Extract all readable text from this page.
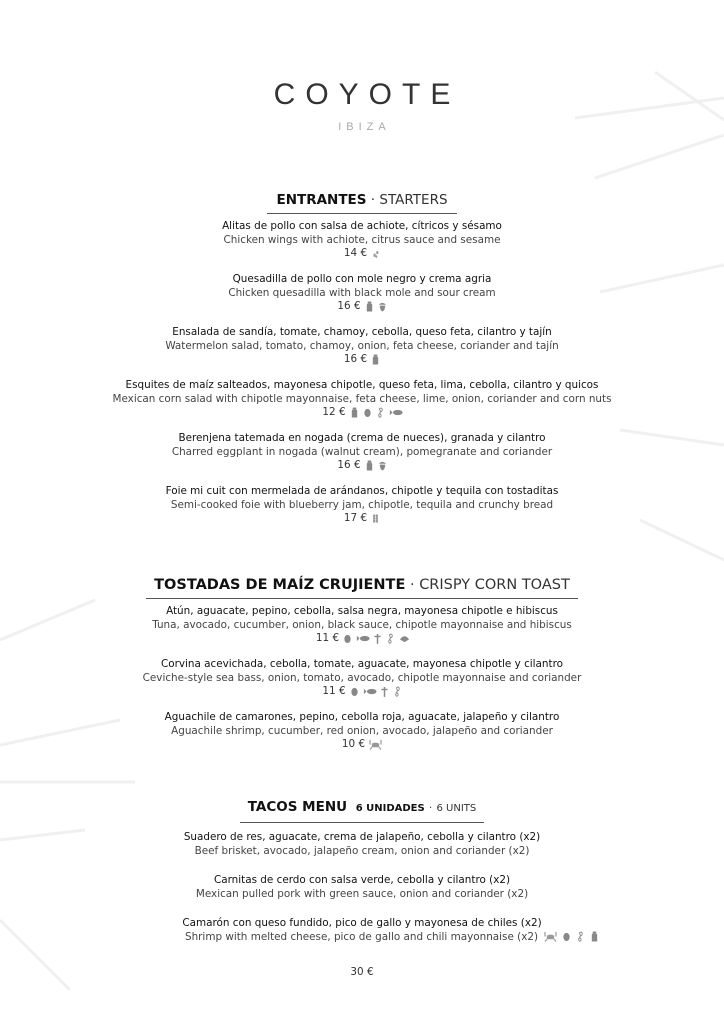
COYOTE
IBIZA
ENTRANTES · STARTERS
Alitas de pollo con salsa de achiote, cítricos y sésamo
Chicken wings with achiote, citrus sauce and sesame
14 €
Quesadilla de pollo con mole negro y crema agria
Chicken quesadilla with black mole and sour cream
16 €
Ensalada de sandía, tomate, chamoy, cebolla, queso feta, cilantro y tajín
Watermelon salad, tomato, chamoy, onion, feta cheese, coriander and tajín
16 €
Esquites de maíz salteados, mayonesa chipotle, queso feta, lima, cebolla, cilantro y quicos
Mexican corn salad with chipotle mayonnaise, feta cheese, lime, onion, coriander and corn nuts
12 €
Berenjena tatemada en nogada (crema de nueces), granada y cilantro
Charred eggplant in nogada (walnut cream), pomegranate and coriander
16 €
Foie mi cuit con mermelada de arándanos, chipotle y tequila con tostaditas
Semi-cooked foie with blueberry jam, chipotle, tequila and crunchy bread
17 €
TOSTADAS DE MAÍZ CRUJIENTE · CRISPY CORN TOAST
Atún, aguacate, pepino, cebolla, salsa negra, mayonesa chipotle e hibiscus
Tuna, avocado, cucumber, onion, black sauce, chipotle mayonnaise and hibiscus
11 €
Corvina acevichada, cebolla, tomate, aguacate, mayonesa chipotle y cilantro
Ceviche-style sea bass, onion, tomato, avocado, chipotle mayonnaise and coriander
11 €
Aguachile de camarones, pepino, cebolla roja, aguacate, jalapeño y cilantro
Aguachile shrimp, cucumber, red onion, avocado, jalapeño and coriander
10 €
TACOS MENU 6 UNIDADES · 6 UNITS
Suadero de res, aguacate, crema de jalapeño, cebolla y cilantro (x2)
Beef brisket, avocado, jalapeño cream, onion and coriander (x2)
Carnitas de cerdo con salsa verde, cebolla y cilantro (x2)
Mexican pulled pork with green sauce, onion and coriander (x2)
Camarón con queso fundido, pico de gallo y mayonesa de chiles (x2)
Shrimp with melted cheese, pico de gallo and chili mayonnaise (x2)
30 €
